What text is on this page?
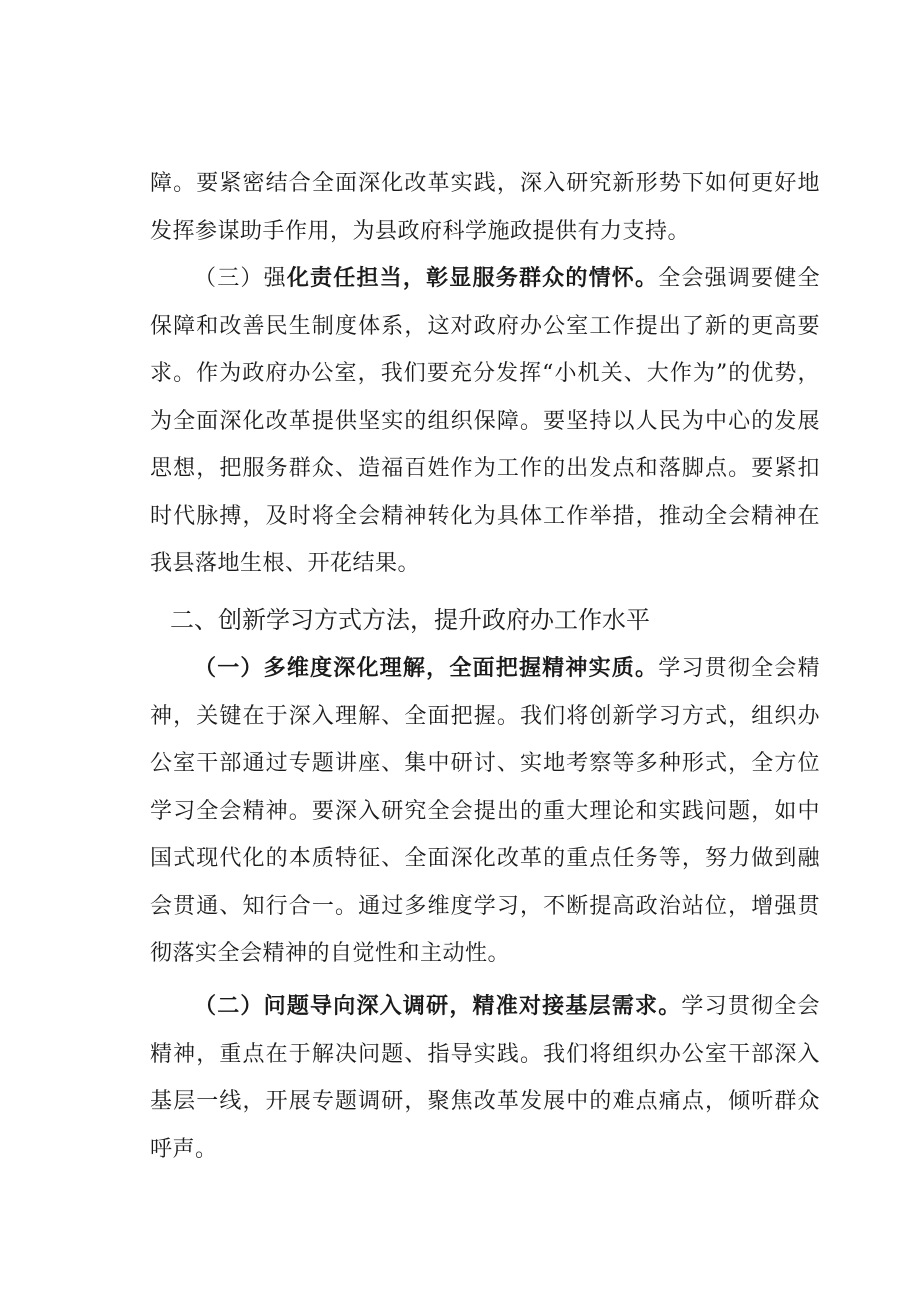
障。要紧密结合全面深化改革实践，深入研究新形势下如何更好地发挥参谋助手作用，为县政府科学施政提供有力支持。

（三）强化责任担当，彰显服务群众的情怀。全会强调要健全保障和改善民生制度体系，这对政府办公室工作提出了新的更高要求。作为政府办公室，我们要充分发挥“小机关、大作为”的优势，为全面深化改革提供坚实的组织保障。要坚持以人民为中心的发展思想，把服务群众、造福百姓作为工作的出发点和落脚点。要紧扣时代脉搏，及时将全会精神转化为具体工作举措，推动全会精神在我县落地生根、开花结果。

二、创新学习方式方法，提升政府办工作水平

（一）多维度深化理解，全面把握精神实质。学习贯彻全会精神，关键在于深入理解、全面把握。我们将创新学习方式，组织办公室干部通过专题讲座、集中研讨、实地考察等多种形式，全方位学习全会精神。要深入研究全会提出的重大理论和实践问题，如中国式现代化的本质特征、全面深化改革的重点任务等，努力做到融会贯通、知行合一。通过多维度学习，不断提高政治站位，增强贯彻落实全会精神的自觉性和主动性。

（二）问题导向深入调研，精准对接基层需求。学习贯彻全会精神，重点在于解决问题、指导实践。我们将组织办公室干部深入基层一线，开展专题调研，聚焦改革发展中的难点痛点，倾听群众呼声。
